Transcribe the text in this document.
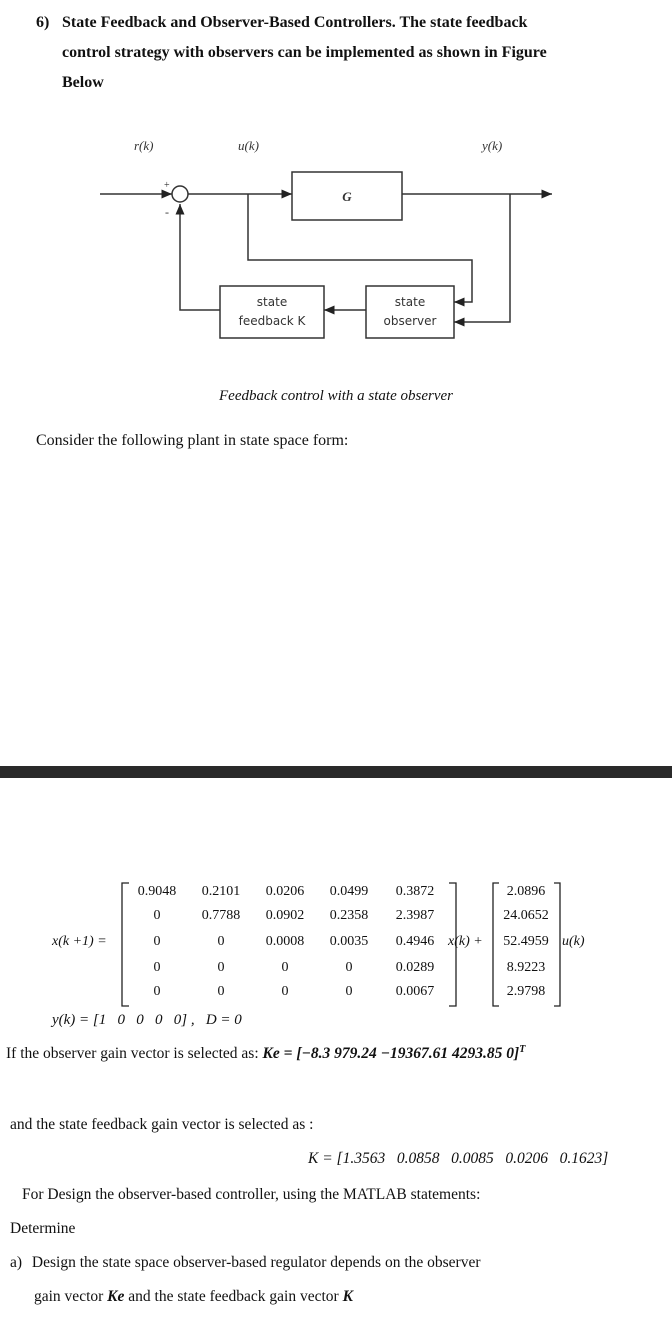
6) State Feedback and Observer-Based Controllers. The state feedback
control strategy with observers can be implemented as shown in Figure
Below
r(k)	u(k)	y(k)
+
-
G
state
observer
state
feedback K
Feedback control with a state observer
Consider the following plant in state space form:
x(k +1) =
0.9048	0.2101	0.0206	0.0499	0.3872
0	0.7788	0.0902	0.2358	2.3987
0	0	0.0008	0.0035	0.4946
0	0	0	0	0.0289
0	0	0	0	0.0067
x(k) +
2.0896
24.0652
52.4959
8.9223
2.9798
u(k)
y(k) = [1   0   0   0   0] ,   D = 0
If the observer gain vector is selected as: Ke = [−8.3 979.24 −19367.61 4293.85 0]$^T$
and the state feedback gain vector is selected as :
K = [1.3563   0.0858   0.0085   0.0206   0.1623]
For Design the observer-based controller, using the MATLAB statements:
Determine
a) Design the state space observer-based regulator depends on the observer
gain vector Ke and the state feedback gain vector K
